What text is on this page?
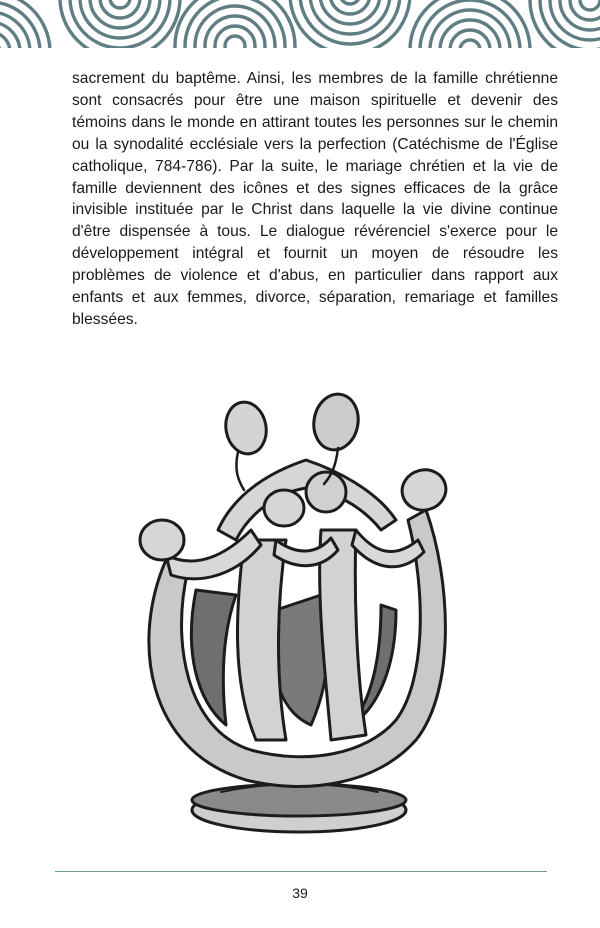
sacrement du baptême. Ainsi, les membres de la famille chrétienne sont consacrés pour être une maison spirituelle et devenir des témoins dans le monde en attirant toutes les personnes sur le chemin ou la synodalité ecclésiale vers la perfection (Catéchisme de l'Église catholique, 784-786). Par la suite, le mariage chrétien et la vie de famille deviennent des icônes et des signes efficaces de la grâce invisible instituée par le Christ dans laquelle la vie divine continue d'être dispensée à tous. Le dialogue révérenciel s'exerce pour le développement intégral et fournit un moyen de résoudre les problèmes de violence et d'abus, en particulier dans rapport aux enfants et aux femmes, divorce, séparation, remariage et familles blessées.

39
